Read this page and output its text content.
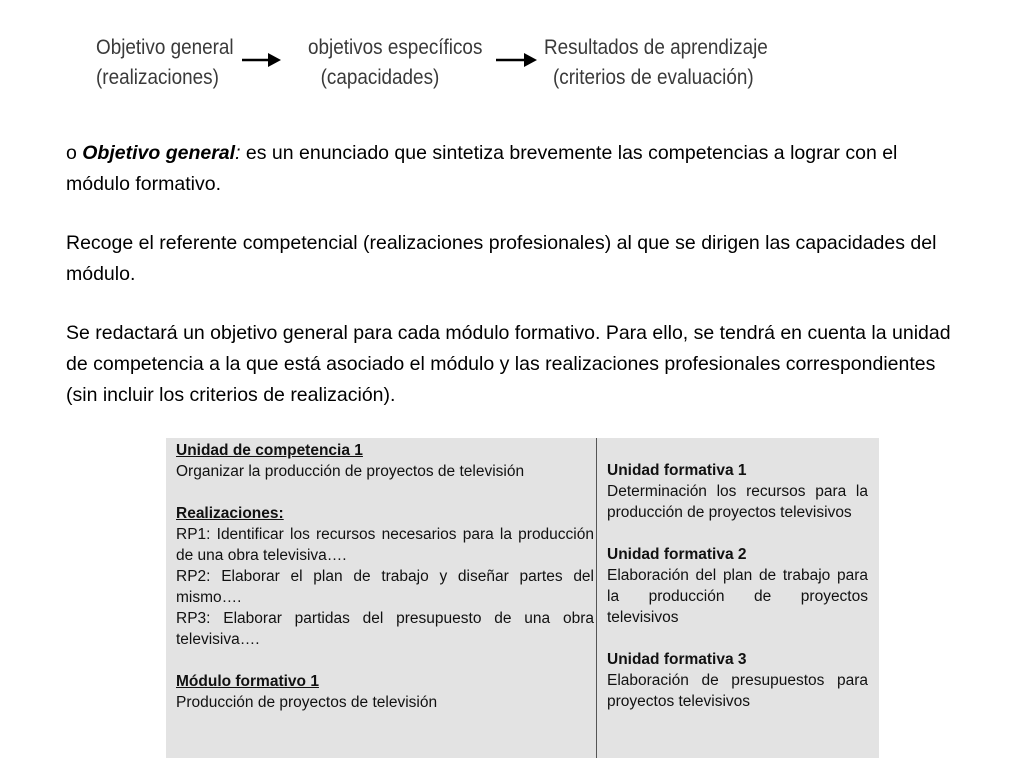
Objetivo general
(realizaciones)
objetivos específicos
(capacidades)
Resultados de aprendizaje
(criterios de evaluación)
o Objetivo general: es un enunciado que sintetiza brevemente las competencias a lograr con el módulo formativo.
Recoge el referente competencial (realizaciones profesionales) al que se dirigen las capacidades del módulo.
Se redactará un objetivo general para cada módulo formativo. Para ello, se tendrá en cuenta la unidad de competencia a la que está asociado el módulo y las realizaciones profesionales correspondientes (sin incluir los criterios de realización).
Unidad de competencia 1
Organizar la producción de proyectos de televisión
Realizaciones:
RP1: Identificar los recursos necesarios para la producción de una obra televisiva….
RP2: Elaborar el plan de trabajo y diseñar partes del mismo….
RP3: Elaborar partidas del presupuesto de una obra televisiva….
Módulo formativo 1
Producción de proyectos de televisión
Unidad formativa 1
Determinación los recursos para la producción de proyectos televisivos
Unidad formativa 2
Elaboración del plan de trabajo para la producción de proyectos televisivos
Unidad formativa 3
Elaboración de presupuestos para proyectos televisivos
